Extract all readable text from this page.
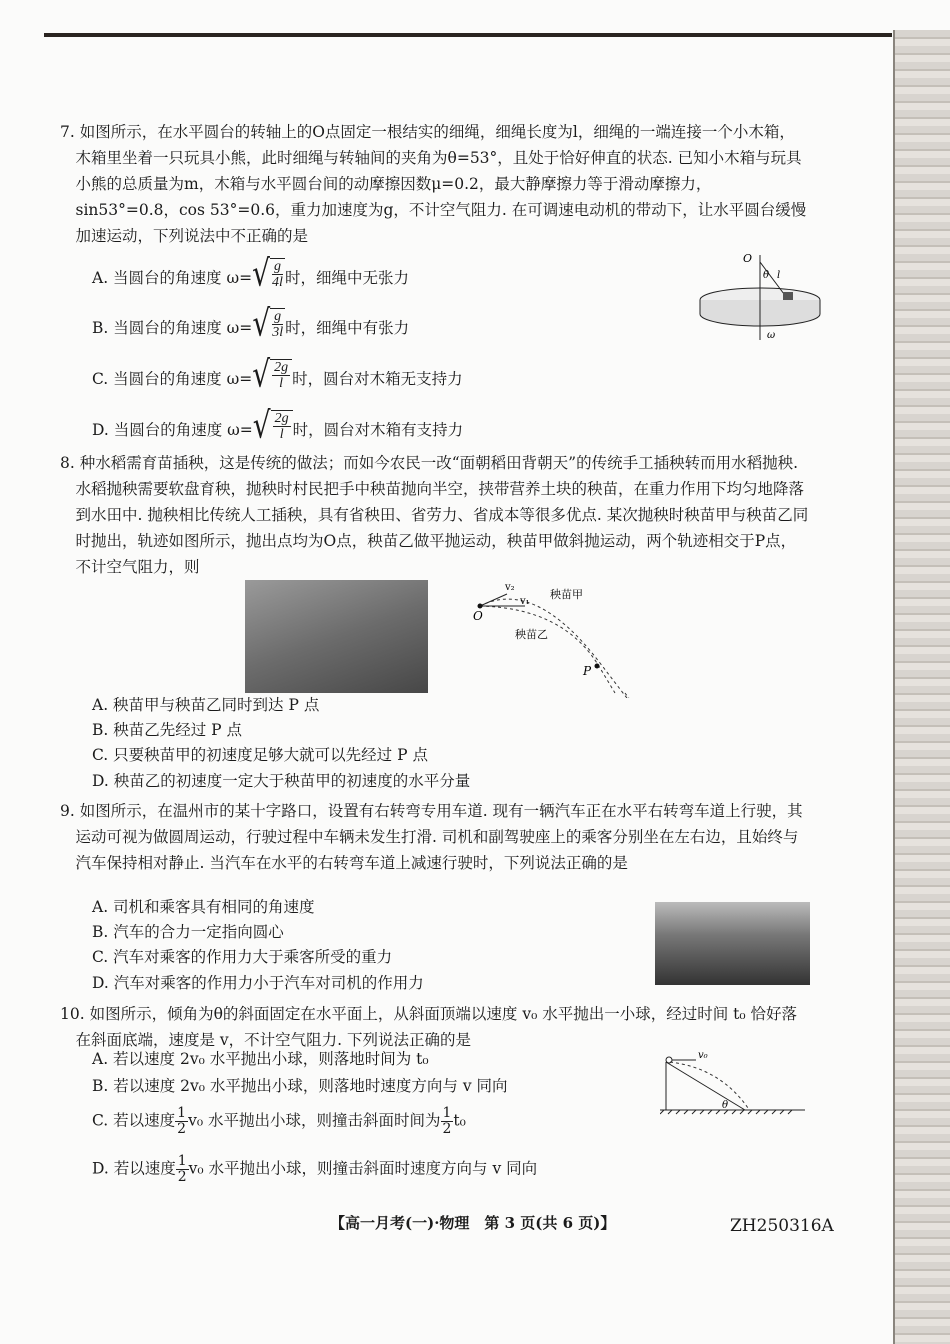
7. 如图所示，在水平圆台的转轴上的O点固定一根结实的细绳，细绳长度为l，细绳的一端连接一个小木箱，木箱里坐着一只玩具小熊，此时细绳与转轴间的夹角为θ=53°，且处于恰好伸直的状态. 已知小木箱与玩具小熊的总质量为m，木箱与水平圆台间的动摩擦因数μ=0.2，最大静摩擦力等于滑动摩擦力，sin53°=0.8，cos 53°=0.6，重力加速度为g，不计空气阻力. 在可调速电动机的带动下，让水平圆台缓慢加速运动，下列说法中不正确的是

A. 当圆台的角速度 ω= √ $\frac{g}{4l}$ 时，细绳中无张力
B. 当圆台的角速度 ω= √ $\frac{g}{3l}$ 时，细绳中有张力
C. 当圆台的角速度 ω= √ $\frac{2g}{l}$ 时，圆台对木箱无支持力
D. 当圆台的角速度 ω= √ $\frac{2g}{l}$ 时，圆台对木箱有支持力
O
θ l
ω

8. 种水稻需育苗插秧，这是传统的做法；而如今农民一改“面朝稻田背朝天”的传统手工插秧转而用水稻抛秧. 水稻抛秧需要软盘育秧，抛秧时村民把手中秧苗抛向半空，挟带营养土块的秧苗，在重力作用下均匀地降落到水田中. 抛秧相比传统人工插秧，具有省秧田、省劳力、省成本等很多优点. 某次抛秧时秧苗甲与秧苗乙同时抛出，轨迹如图所示，抛出点均为O点，秧苗乙做平抛运动，秧苗甲做斜抛运动，两个轨迹相交于P点，不计空气阻力，则

O
P
v₂
v₁
秧苗甲
秧苗乙
A. 秧苗甲与秧苗乙同时到达 P 点
B. 秧苗乙先经过 P 点
C. 只要秧苗甲的初速度足够大就可以先经过 P 点
D. 秧苗乙的初速度一定大于秧苗甲的初速度的水平分量

9. 如图所示，在温州市的某十字路口，设置有右转弯专用车道. 现有一辆汽车正在水平右转弯车道上行驶，其运动可视为做圆周运动，行驶过程中车辆未发生打滑. 司机和副驾驶座上的乘客分别坐在左右边，且始终与汽车保持相对静止. 当汽车在水平的右转弯车道上减速行驶时，下列说法正确的是

A. 司机和乘客具有相同的角速度
B. 汽车的合力一定指向圆心
C. 汽车对乘客的作用力大于乘客所受的重力
D. 汽车对乘客的作用力小于汽车对司机的作用力

10. 如图所示，倾角为θ的斜面固定在水平面上，从斜面顶端以速度 v₀ 水平抛出一小球，经过时间 t₀ 恰好落在斜面底端，速度是 v，不计空气阻力. 下列说法正确的是

A. 若以速度 2v₀ 水平抛出小球，则落地时间为 t₀
B. 若以速度 2v₀ 水平抛出小球，则落地时速度方向与 v 同向
C. 若以速度 $\frac{1}{2} v_0$ 水平抛出小球，则撞击斜面时间为 $\frac{1}{2} t_0$
D. 若以速度 $\frac{1}{2} v_0$ 水平抛出小球，则撞击斜面时速度方向与 v 同向
v₀
θ
【高一月考(一)·物理　第 3 页(共 6 页)】	ZH250316A
